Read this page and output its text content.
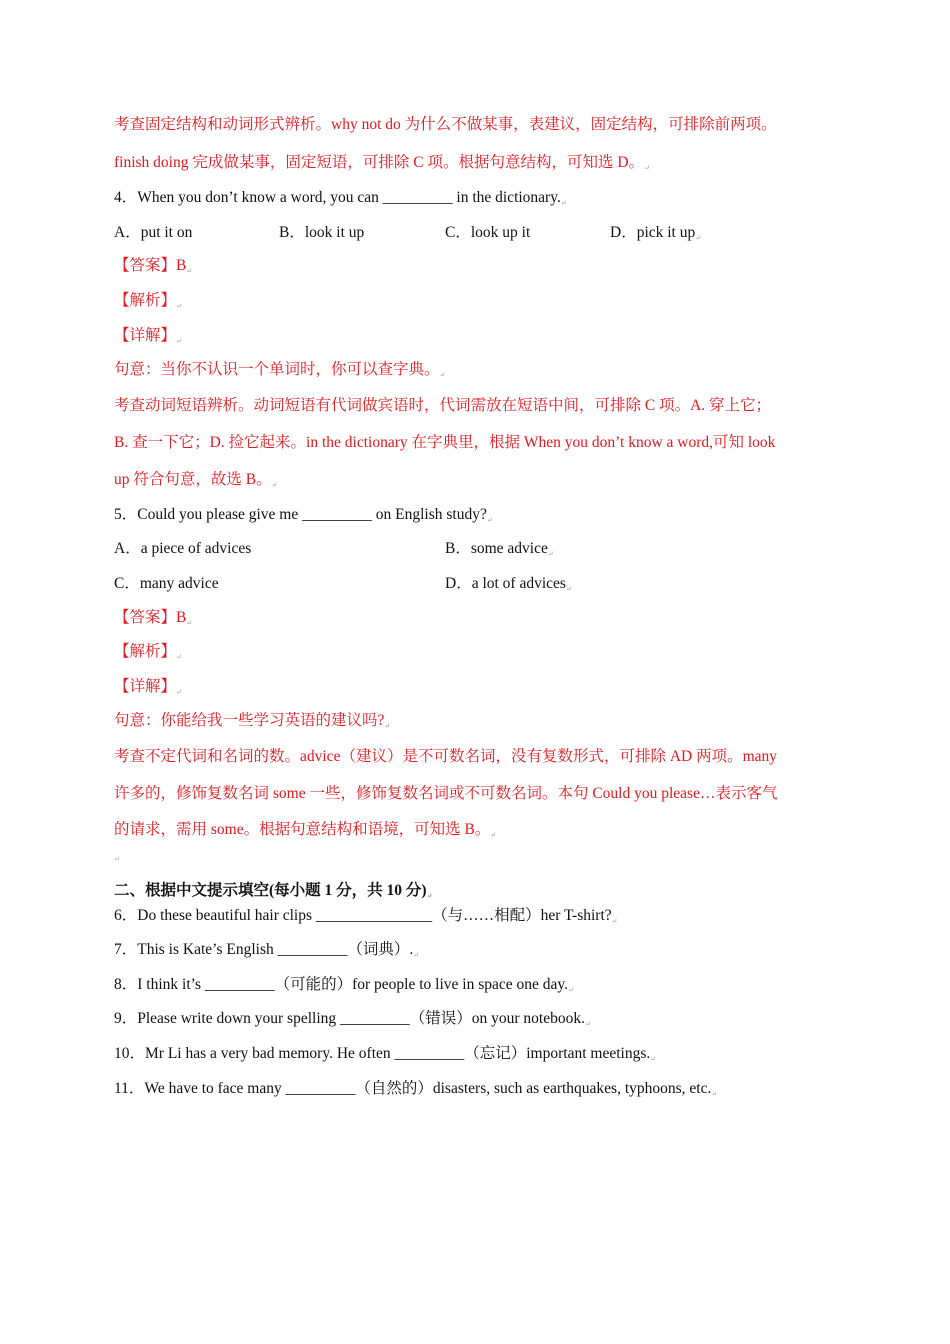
考查固定结构和动词形式辨析。why not do 为什么不做某事，表建议，固定结构，可排除前两项。
finish doing 完成做某事，固定短语，可排除 C 项。根据句意结构，可知选 D。↵
4．When you don’t know a word, you can _________ in the dictionary.↵
A．put it on	B．look it up	C．look up it	D．pick it up↵
【答案】B↵
【解析】↵
【详解】↵
句意：当你不认识一个单词时，你可以查字典。↵
考查动词短语辨析。动词短语有代词做宾语时，代词需放在短语中间，可排除 C 项。A. 穿上它；
B. 查一下它；D. 捡它起来。in the dictionary 在字典里，根据 When you don’t know a word,可知 look
up 符合句意，故选 B。↵
5．Could you please give me _________ on English study?↵
A．a piece of advices	B．some advice↵
C．many advice	D．a lot of advices↵
【答案】B↵
【解析】↵
【详解】↵
句意：你能给我一些学习英语的建议吗?↵
考查不定代词和名词的数。advice（建议）是不可数名词，没有复数形式，可排除 AD 两项。many
许多的，修饰复数名词 some 一些，修饰复数名词或不可数名词。本句 Could you please…表示客气
的请求，需用 some。根据句意结构和语境，可知选 B。↵
↵
二、根据中文提示填空(每小题 1 分，共 10 分)↵
6．Do these beautiful hair clips _______________（与……相配）her T-shirt?↵
7．This is Kate’s English _________（词典）.↵
8．I think it’s _________（可能的）for people to live in space one day.↵
9．Please write down your spelling _________（错误）on your notebook.↵
10．Mr Li has a very bad memory. He often _________（忘记）important meetings.↵
11．We have to face many _________（自然的）disasters, such as earthquakes, typhoons, etc.↵
